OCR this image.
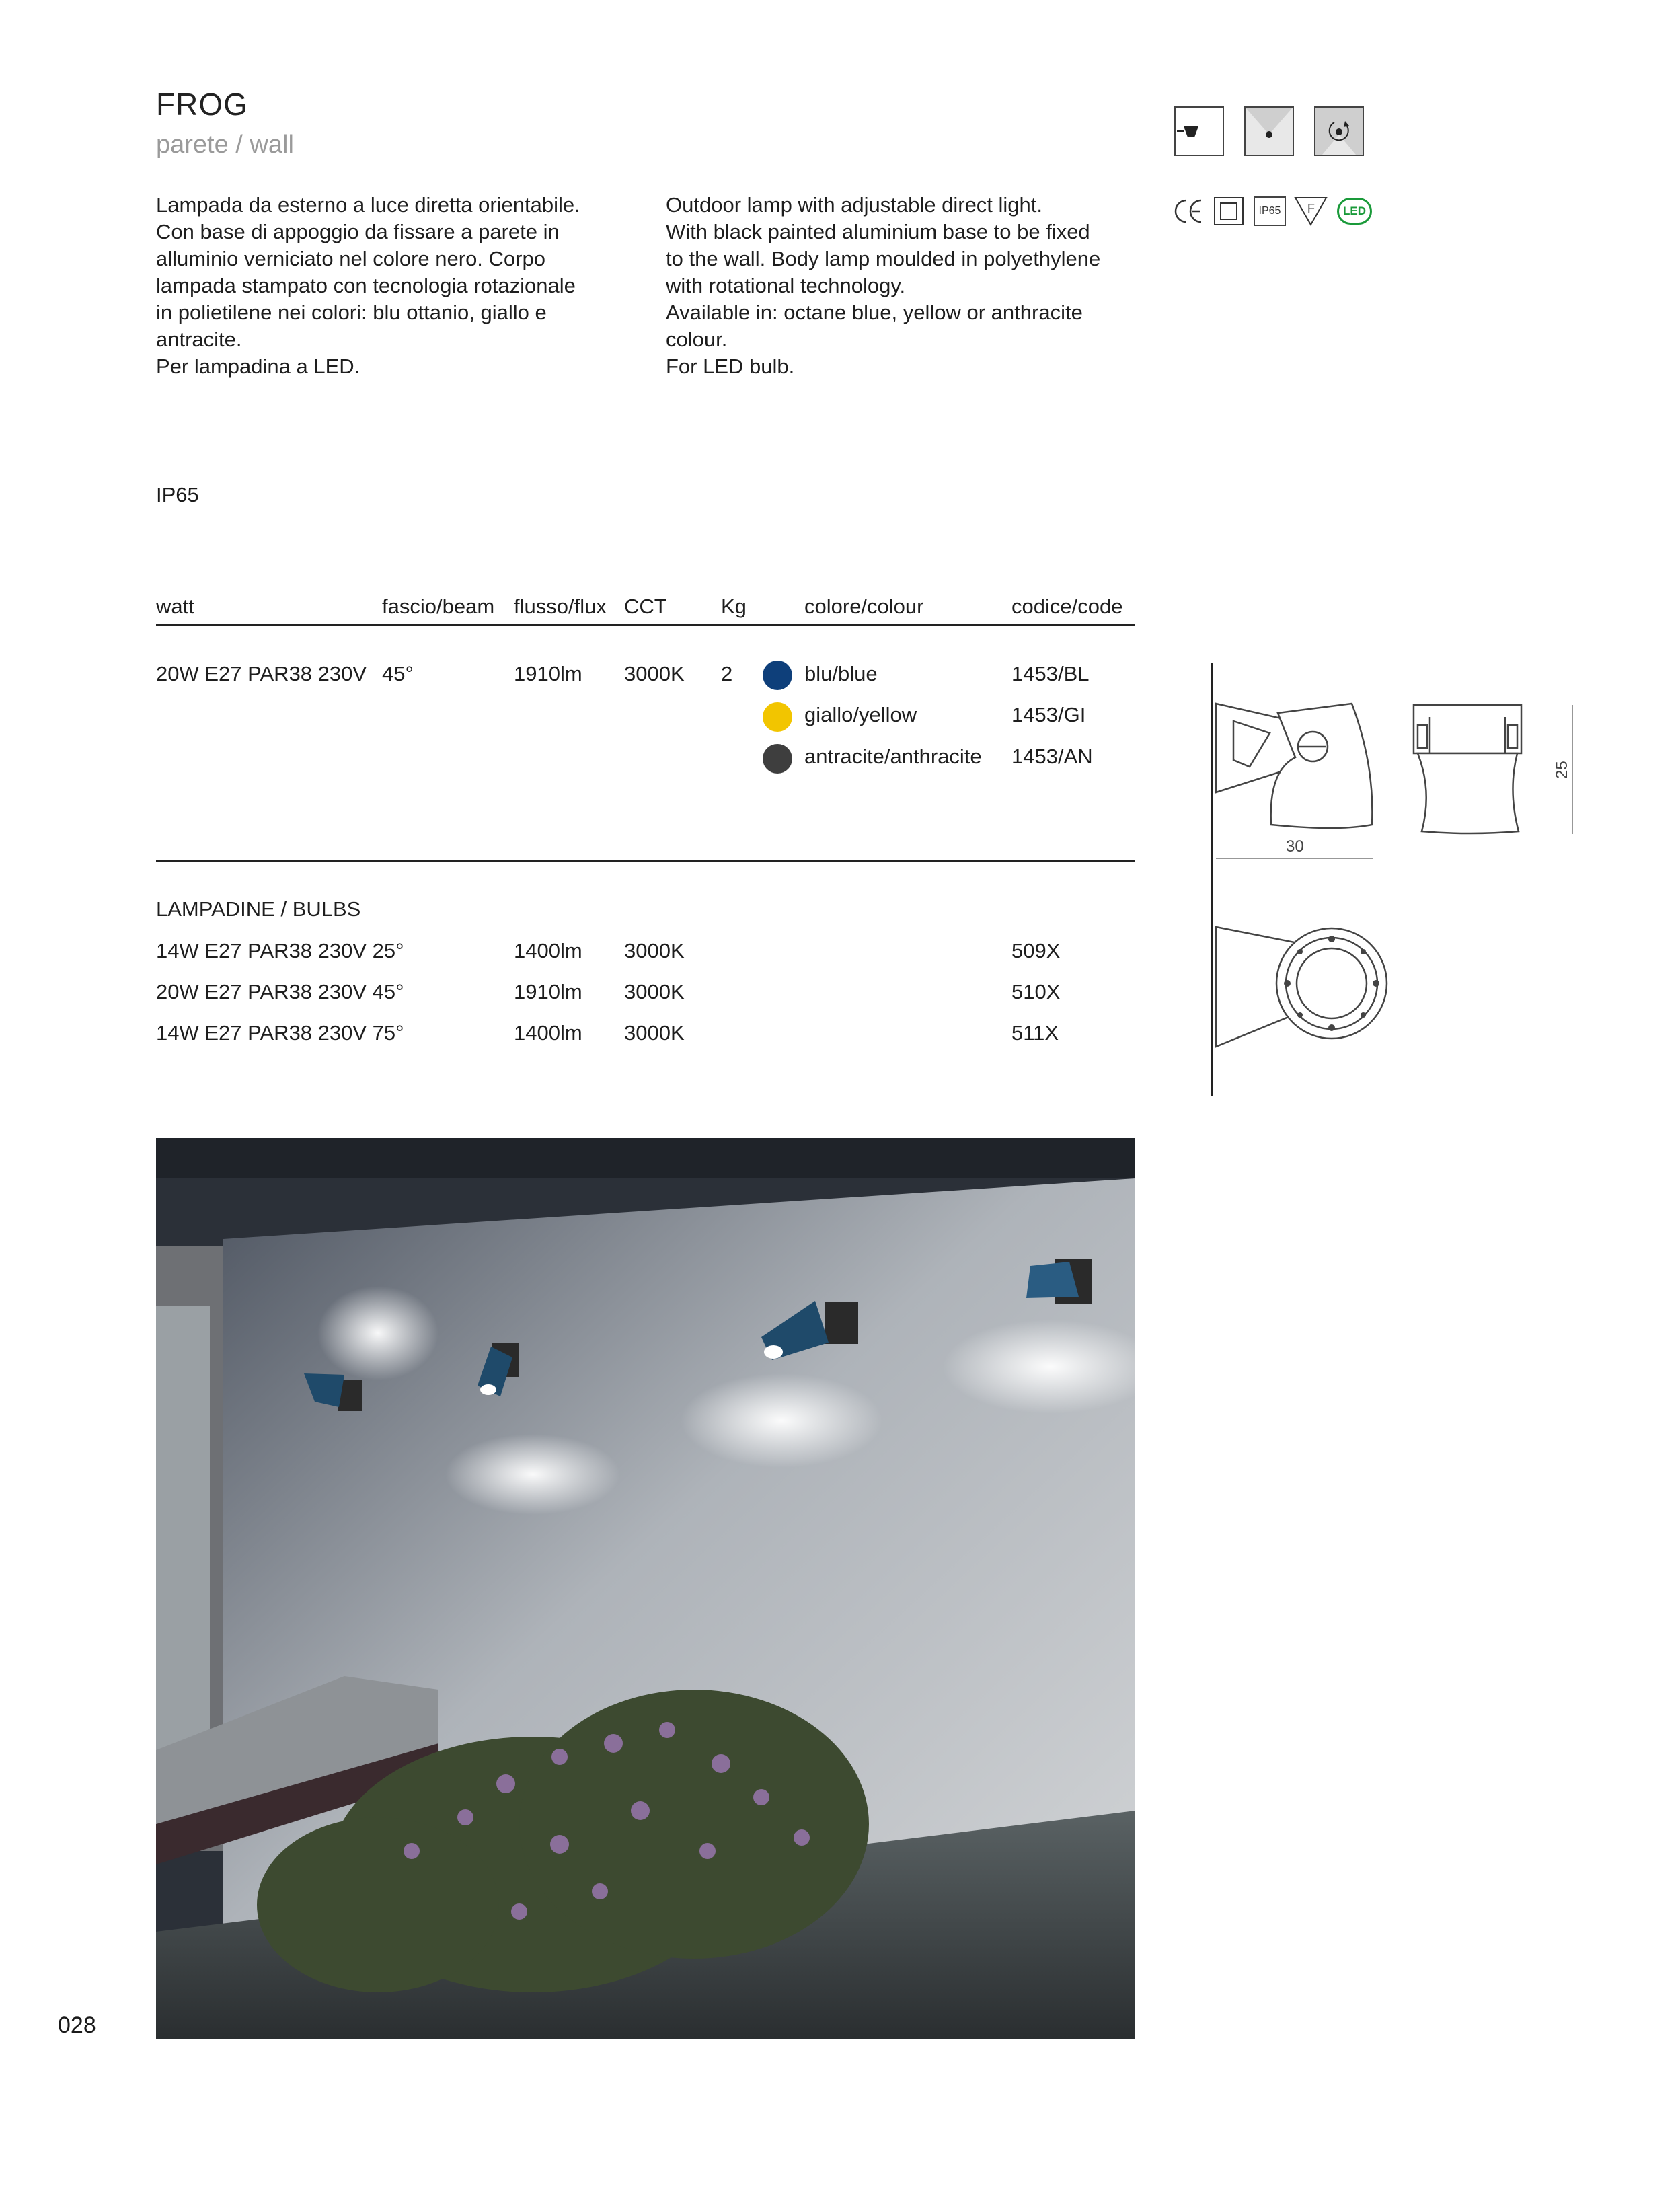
FROG
parete / wall

Lampada da esterno a luce diretta orientabile.

Con base di appoggio da fissare a parete in

alluminio verniciato nel colore nero. Corpo

lampada stampato con tecnologia rotazionale

in polietilene nei colori: blu ottanio, giallo e

antracite.

Per lampadina a LED.

Outdoor lamp with adjustable direct light.

With black painted aluminium base to be fixed

to the wall. Body lamp moulded in polyethylene

with rotational technology.

Available in: octane blue, yellow or anthracite

colour.

For LED bulb.

IP65	F	LED
IP65
watt	fascio/beam flusso/flux CCT	Kg	colore/colour	codice/code
20W E27 PAR38 230V 45°	1910lm 3000K 2	blu/blue	1453/BL
giallo/yellow	1453/GI
antracite/anthracite 1453/AN
LAMPADINE / BULBS
14W E27 PAR38 230V 25°	1400lm 3000K	509X
20W E27 PAR38 230V 45°	1910lm 3000K	510X
14W E27 PAR38 230V 75°	1400lm 3000K	511X
30
25
028
